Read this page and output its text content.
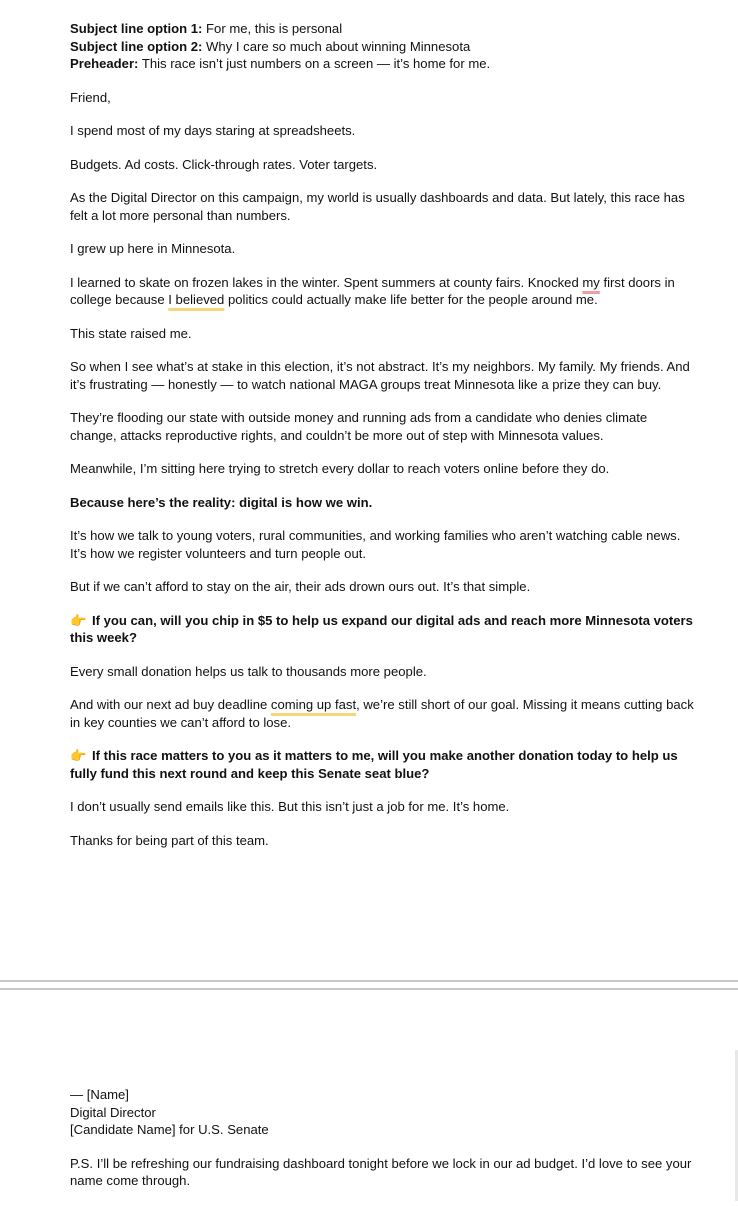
Subject line option 1: For me, this is personal

Subject line option 2: Why I care so much about winning Minnesota

Preheader: This race isn’t just numbers on a screen — it’s home for me.

Friend,

I spend most of my days staring at spreadsheets.

Budgets. Ad costs. Click-through rates. Voter targets.

As the Digital Director on this campaign, my world is usually dashboards and data. But lately, this race has felt a lot more personal than numbers.

I grew up here in Minnesota.

I learned to skate on frozen lakes in the winter. Spent summers at county fairs. Knocked my first doors in college because I believed politics could actually make life better for the people around me.

This state raised me.

So when I see what’s at stake in this election, it’s not abstract. It’s my neighbors. My family. My friends. And it’s frustrating — honestly — to watch national MAGA groups treat Minnesota like a prize they can buy.

They’re flooding our state with outside money and running ads from a candidate who denies climate change, attacks reproductive rights, and couldn’t be more out of step with Minnesota values.

Meanwhile, I’m sitting here trying to stretch every dollar to reach voters online before they do.

Because here’s the reality: digital is how we win.

It’s how we talk to young voters, rural communities, and working families who aren’t watching cable news. It’s how we register volunteers and turn people out.

But if we can’t afford to stay on the air, their ads drown ours out. It’s that simple.

👉 If you can, will you chip in $5 to help us expand our digital ads and reach more Minnesota voters this week?

Every small donation helps us talk to thousands more people.

And with our next ad buy deadline coming up fast, we’re still short of our goal. Missing it means cutting back in key counties we can’t afford to lose.

👉 If this race matters to you as it matters to me, will you make another donation today to help us fully fund this next round and keep this Senate seat blue?

I don’t usually send emails like this. But this isn’t just a job for me. It’s home.

Thanks for being part of this team.

— [Name]
Digital Director
[Candidate Name] for U.S. Senate

P.S. I’ll be refreshing our fundraising dashboard tonight before we lock in our ad budget. I’d love to see your name come through.
